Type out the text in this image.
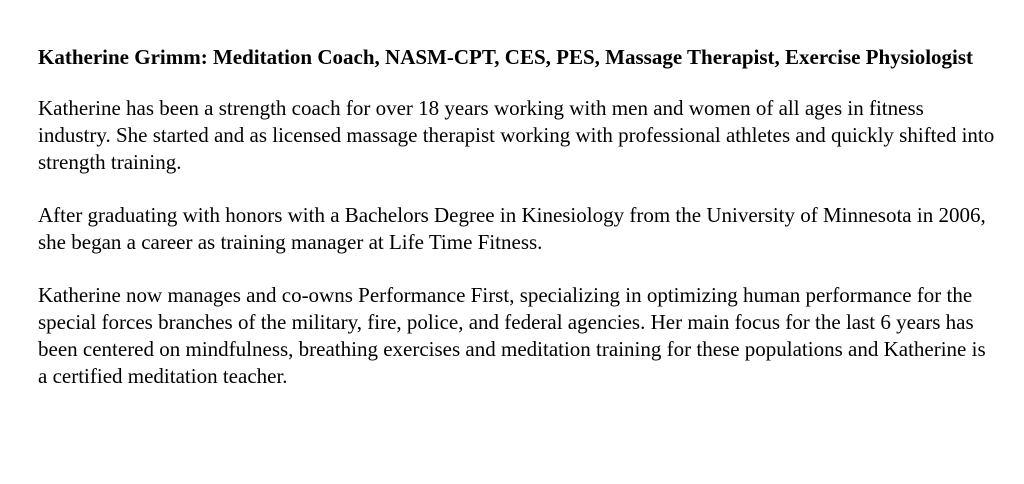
Katherine Grimm: Meditation Coach, NASM-CPT, CES, PES, Massage Therapist, Exercise Physiologist

Katherine has been a strength coach for over 18 years working with men and women of all ages in fitness industry. She started and as licensed massage therapist working with professional athletes and quickly shifted into strength training.

After graduating with honors with a Bachelors Degree in Kinesiology from the University of Minnesota in 2006, she began a career as training manager at Life Time Fitness.

Katherine now manages and co-owns Performance First, specializing in optimizing human performance for the special forces branches of the military, fire, police, and federal agencies. Her main focus for the last 6 years has been centered on mindfulness, breathing exercises and meditation training for these populations and Katherine is a certified meditation teacher.
